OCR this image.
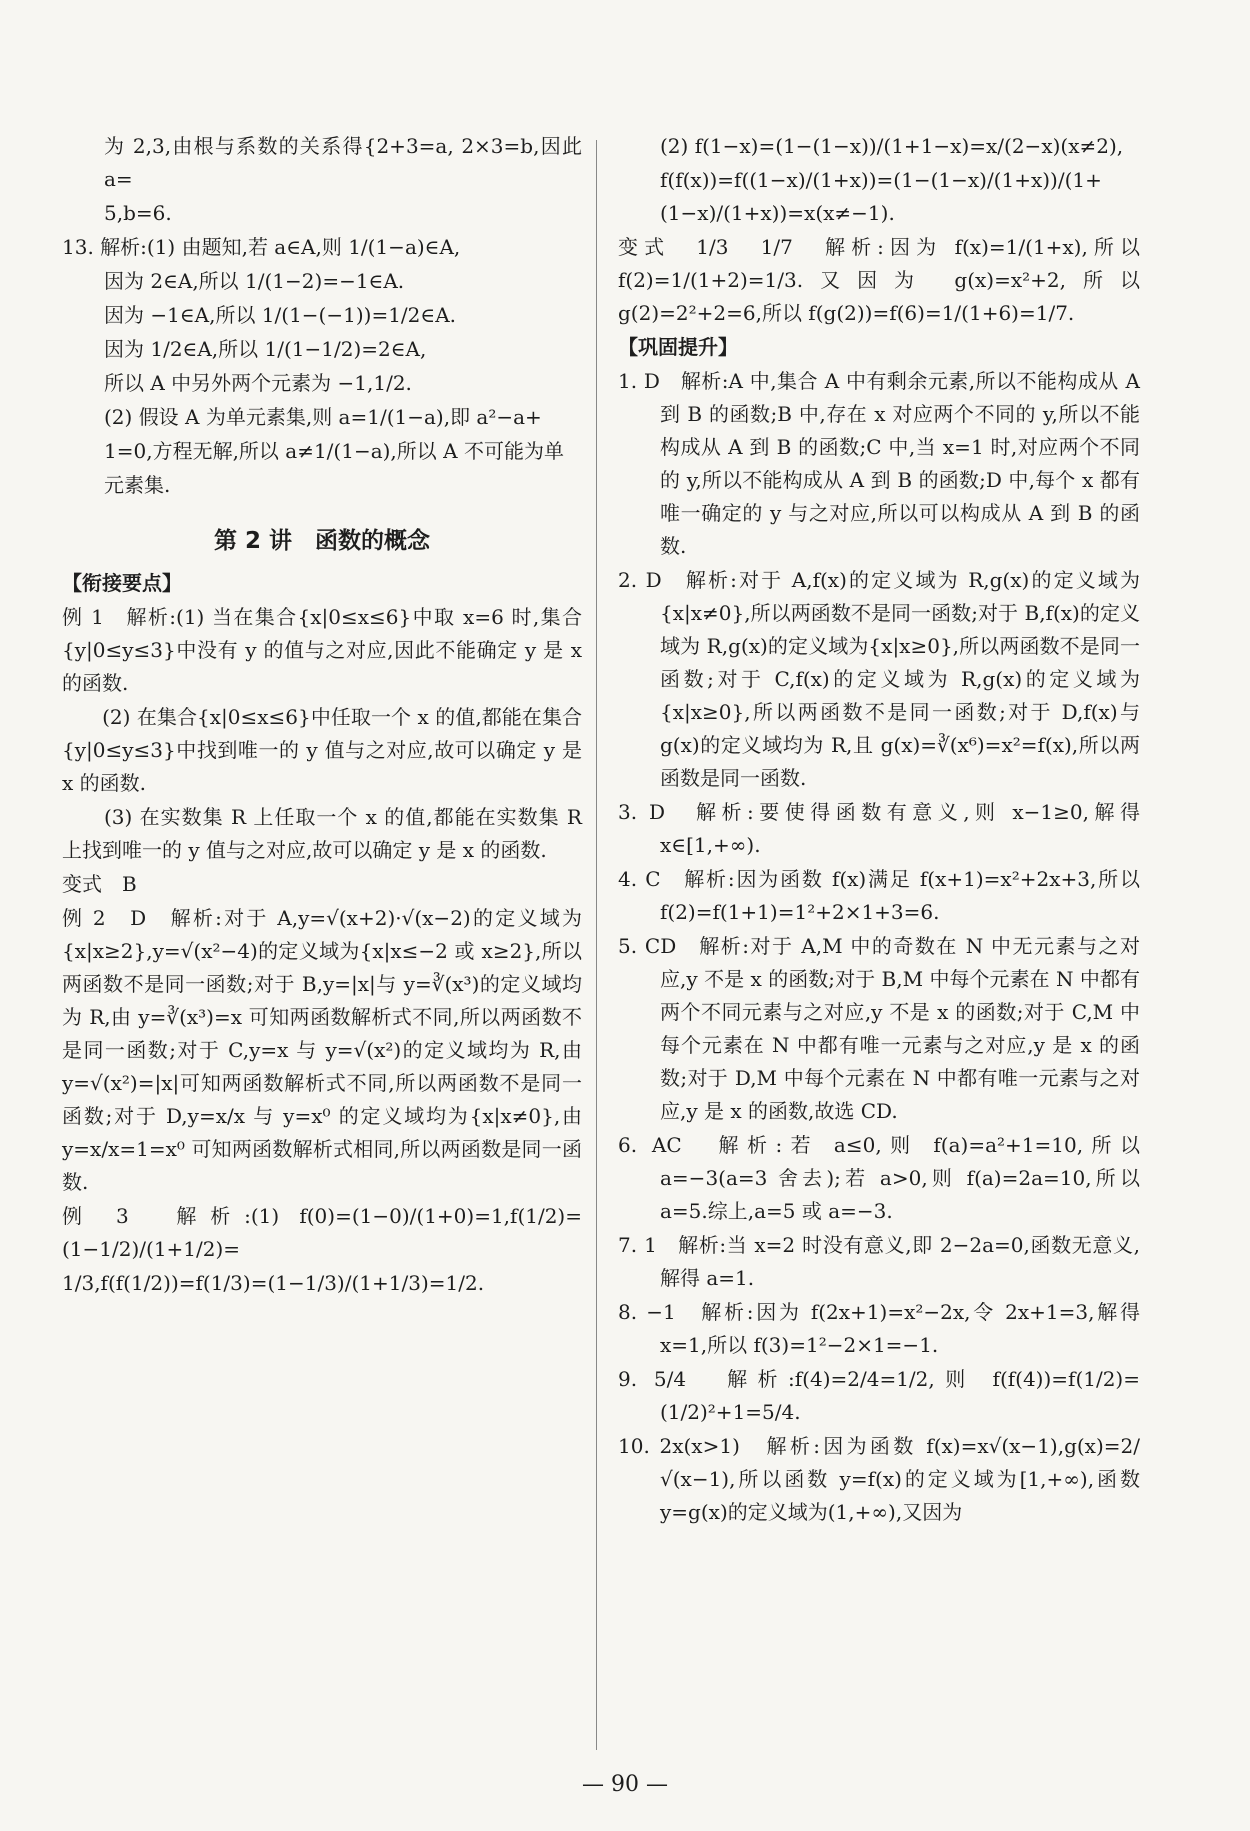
为 2,3,由根与系数的关系得{2+3=a, 2×3=b,因此 a=
5,b=6.
13. 解析:(1) 由题知,若 a∈A,则 1/(1−a)∈A,
因为 2∈A,所以 1/(1−2)=−1∈A.
因为 −1∈A,所以 1/(1−(−1))=1/2∈A.
因为 1/2∈A,所以 1/(1−1/2)=2∈A,
所以 A 中另外两个元素为 −1,1/2.
(2) 假设 A 为单元素集,则 a=1/(1−a),即 a²−a+
1=0,方程无解,所以 a≠1/(1−a),所以 A 不可能为单
元素集.
第 2 讲　函数的概念
【衔接要点】
例 1　解析:(1) 当在集合{x|0≤x≤6}中取 x=6 时,集合{y|0≤y≤3}中没有 y 的值与之对应,因此不能确定 y 是 x 的函数.
　　(2) 在集合{x|0≤x≤6}中任取一个 x 的值,都能在集合{y|0≤y≤3}中找到唯一的 y 值与之对应,故可以确定 y 是 x 的函数.
　　(3) 在实数集 R 上任取一个 x 的值,都能在实数集 R 上找到唯一的 y 值与之对应,故可以确定 y 是 x 的函数.
变式　B
例 2　D　解析:对于 A,y=√(x+2)·√(x−2)的定义域为{x|x≥2},y=√(x²−4)的定义域为{x|x≤−2 或 x≥2},所以两函数不是同一函数;对于 B,y=|x|与 y=∛(x³)的定义域均为 R,由 y=∛(x³)=x 可知两函数解析式不同,所以两函数不是同一函数;对于 C,y=x 与 y=√(x²)的定义域均为 R,由 y=√(x²)=|x|可知两函数解析式不同,所以两函数不是同一函数;对于 D,y=x/x 与 y=x⁰ 的定义域均为{x|x≠0},由 y=x/x=1=x⁰ 可知两函数解析式相同,所以两函数是同一函数.
例 3　解析:(1) f(0)=(1−0)/(1+0)=1,f(1/2)=(1−1/2)/(1+1/2)=
1/3,f(f(1/2))=f(1/3)=(1−1/3)/(1+1/3)=1/2.
(2) f(1−x)=(1−(1−x))/(1+1−x)=x/(2−x)(x≠2),
f(f(x))=f((1−x)/(1+x))=(1−(1−x)/(1+x))/(1+(1−x)/(1+x))=x(x≠−1).
变式　1/3　1/7　解析:因为 f(x)=1/(1+x),所以 f(2)=1/(1+2)=1/3.又因为 g(x)=x²+2,所以 g(2)=2²+2=6,所以 f(g(2))=f(6)=1/(1+6)=1/7.
【巩固提升】
1. D　解析:A 中,集合 A 中有剩余元素,所以不能构成从 A 到 B 的函数;B 中,存在 x 对应两个不同的 y,所以不能构成从 A 到 B 的函数;C 中,当 x=1 时,对应两个不同的 y,所以不能构成从 A 到 B 的函数;D 中,每个 x 都有唯一确定的 y 与之对应,所以可以构成从 A 到 B 的函数.
2. D　解析:对于 A,f(x)的定义域为 R,g(x)的定义域为{x|x≠0},所以两函数不是同一函数;对于 B,f(x)的定义域为 R,g(x)的定义域为{x|x≥0},所以两函数不是同一函数;对于 C,f(x)的定义域为 R,g(x)的定义域为{x|x≥0},所以两函数不是同一函数;对于 D,f(x)与 g(x)的定义域均为 R,且 g(x)=∛(x⁶)=x²=f(x),所以两函数是同一函数.
3. D　解析:要使得函数有意义,则 x−1≥0,解得 x∈[1,+∞).
4. C　解析:因为函数 f(x)满足 f(x+1)=x²+2x+3,所以 f(2)=f(1+1)=1²+2×1+3=6.
5. CD　解析:对于 A,M 中的奇数在 N 中无元素与之对应,y 不是 x 的函数;对于 B,M 中每个元素在 N 中都有两个不同元素与之对应,y 不是 x 的函数;对于 C,M 中每个元素在 N 中都有唯一元素与之对应,y 是 x 的函数;对于 D,M 中每个元素在 N 中都有唯一元素与之对应,y 是 x 的函数,故选 CD.
6. AC　解析:若 a≤0,则 f(a)=a²+1=10,所以 a=−3(a=3 舍去);若 a>0,则 f(a)=2a=10,所以 a=5.综上,a=5 或 a=−3.
7. 1　解析:当 x=2 时没有意义,即 2−2a=0,函数无意义,解得 a=1.
8. −1　解析:因为 f(2x+1)=x²−2x,令 2x+1=3,解得 x=1,所以 f(3)=1²−2×1=−1.
9. 5/4　解析:f(4)=2/4=1/2,则 f(f(4))=f(1/2)=(1/2)²+1=5/4.
10. 2x(x>1)　解析:因为函数 f(x)=x√(x−1),g(x)=2/√(x−1),所以函数 y=f(x)的定义域为[1,+∞),函数 y=g(x)的定义域为(1,+∞),又因为
— 90 —
